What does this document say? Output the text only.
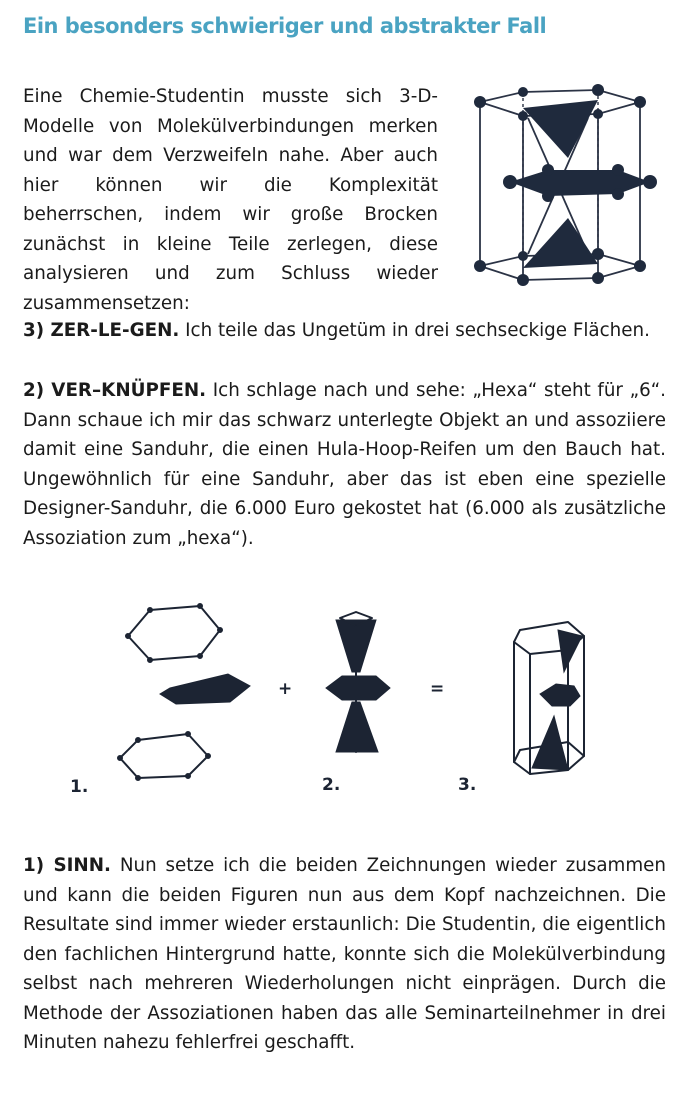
Ein besonders schwieriger und abstrakter Fall

Eine Chemie-Studentin musste sich 3-D-Modelle von Molekülverbindungen merken und war dem Verzweifeln nahe. Aber auch hier können wir die Komplexität beherrschen, indem wir große Brocken zunächst in kleine Teile zerlegen, diese analysieren und zum Schluss wieder zusammensetzen:

3) ZER-LE-GEN. Ich teile das Ungetüm in drei sechseckige Flächen.

2) VER–KNÜPFEN. Ich schlage nach und sehe: „Hexa“ steht für „6“. Dann schaue ich mir das schwarz unterlegte Objekt an und assoziiere damit eine Sanduhr, die einen Hula-Hoop-Reifen um den Bauch hat. Ungewöhnlich für eine Sanduhr, aber das ist eben eine spezielle Designer-Sanduhr, die 6.000 Euro gekostet hat (6.000 als zusätzliche Assoziation zum „hexa“).

+	=
1.	2.	3.

1) SINN. Nun setze ich die beiden Zeichnungen wieder zusammen und kann die beiden Figuren nun aus dem Kopf nachzeichnen. Die Resultate sind immer wieder erstaunlich: Die Studentin, die eigentlich den fachlichen Hintergrund hatte, konnte sich die Molekülverbindung selbst nach mehreren Wiederholungen nicht einprägen. Durch die Methode der Assoziationen haben das alle Seminarteilnehmer in drei Minuten nahezu fehlerfrei geschafft.
